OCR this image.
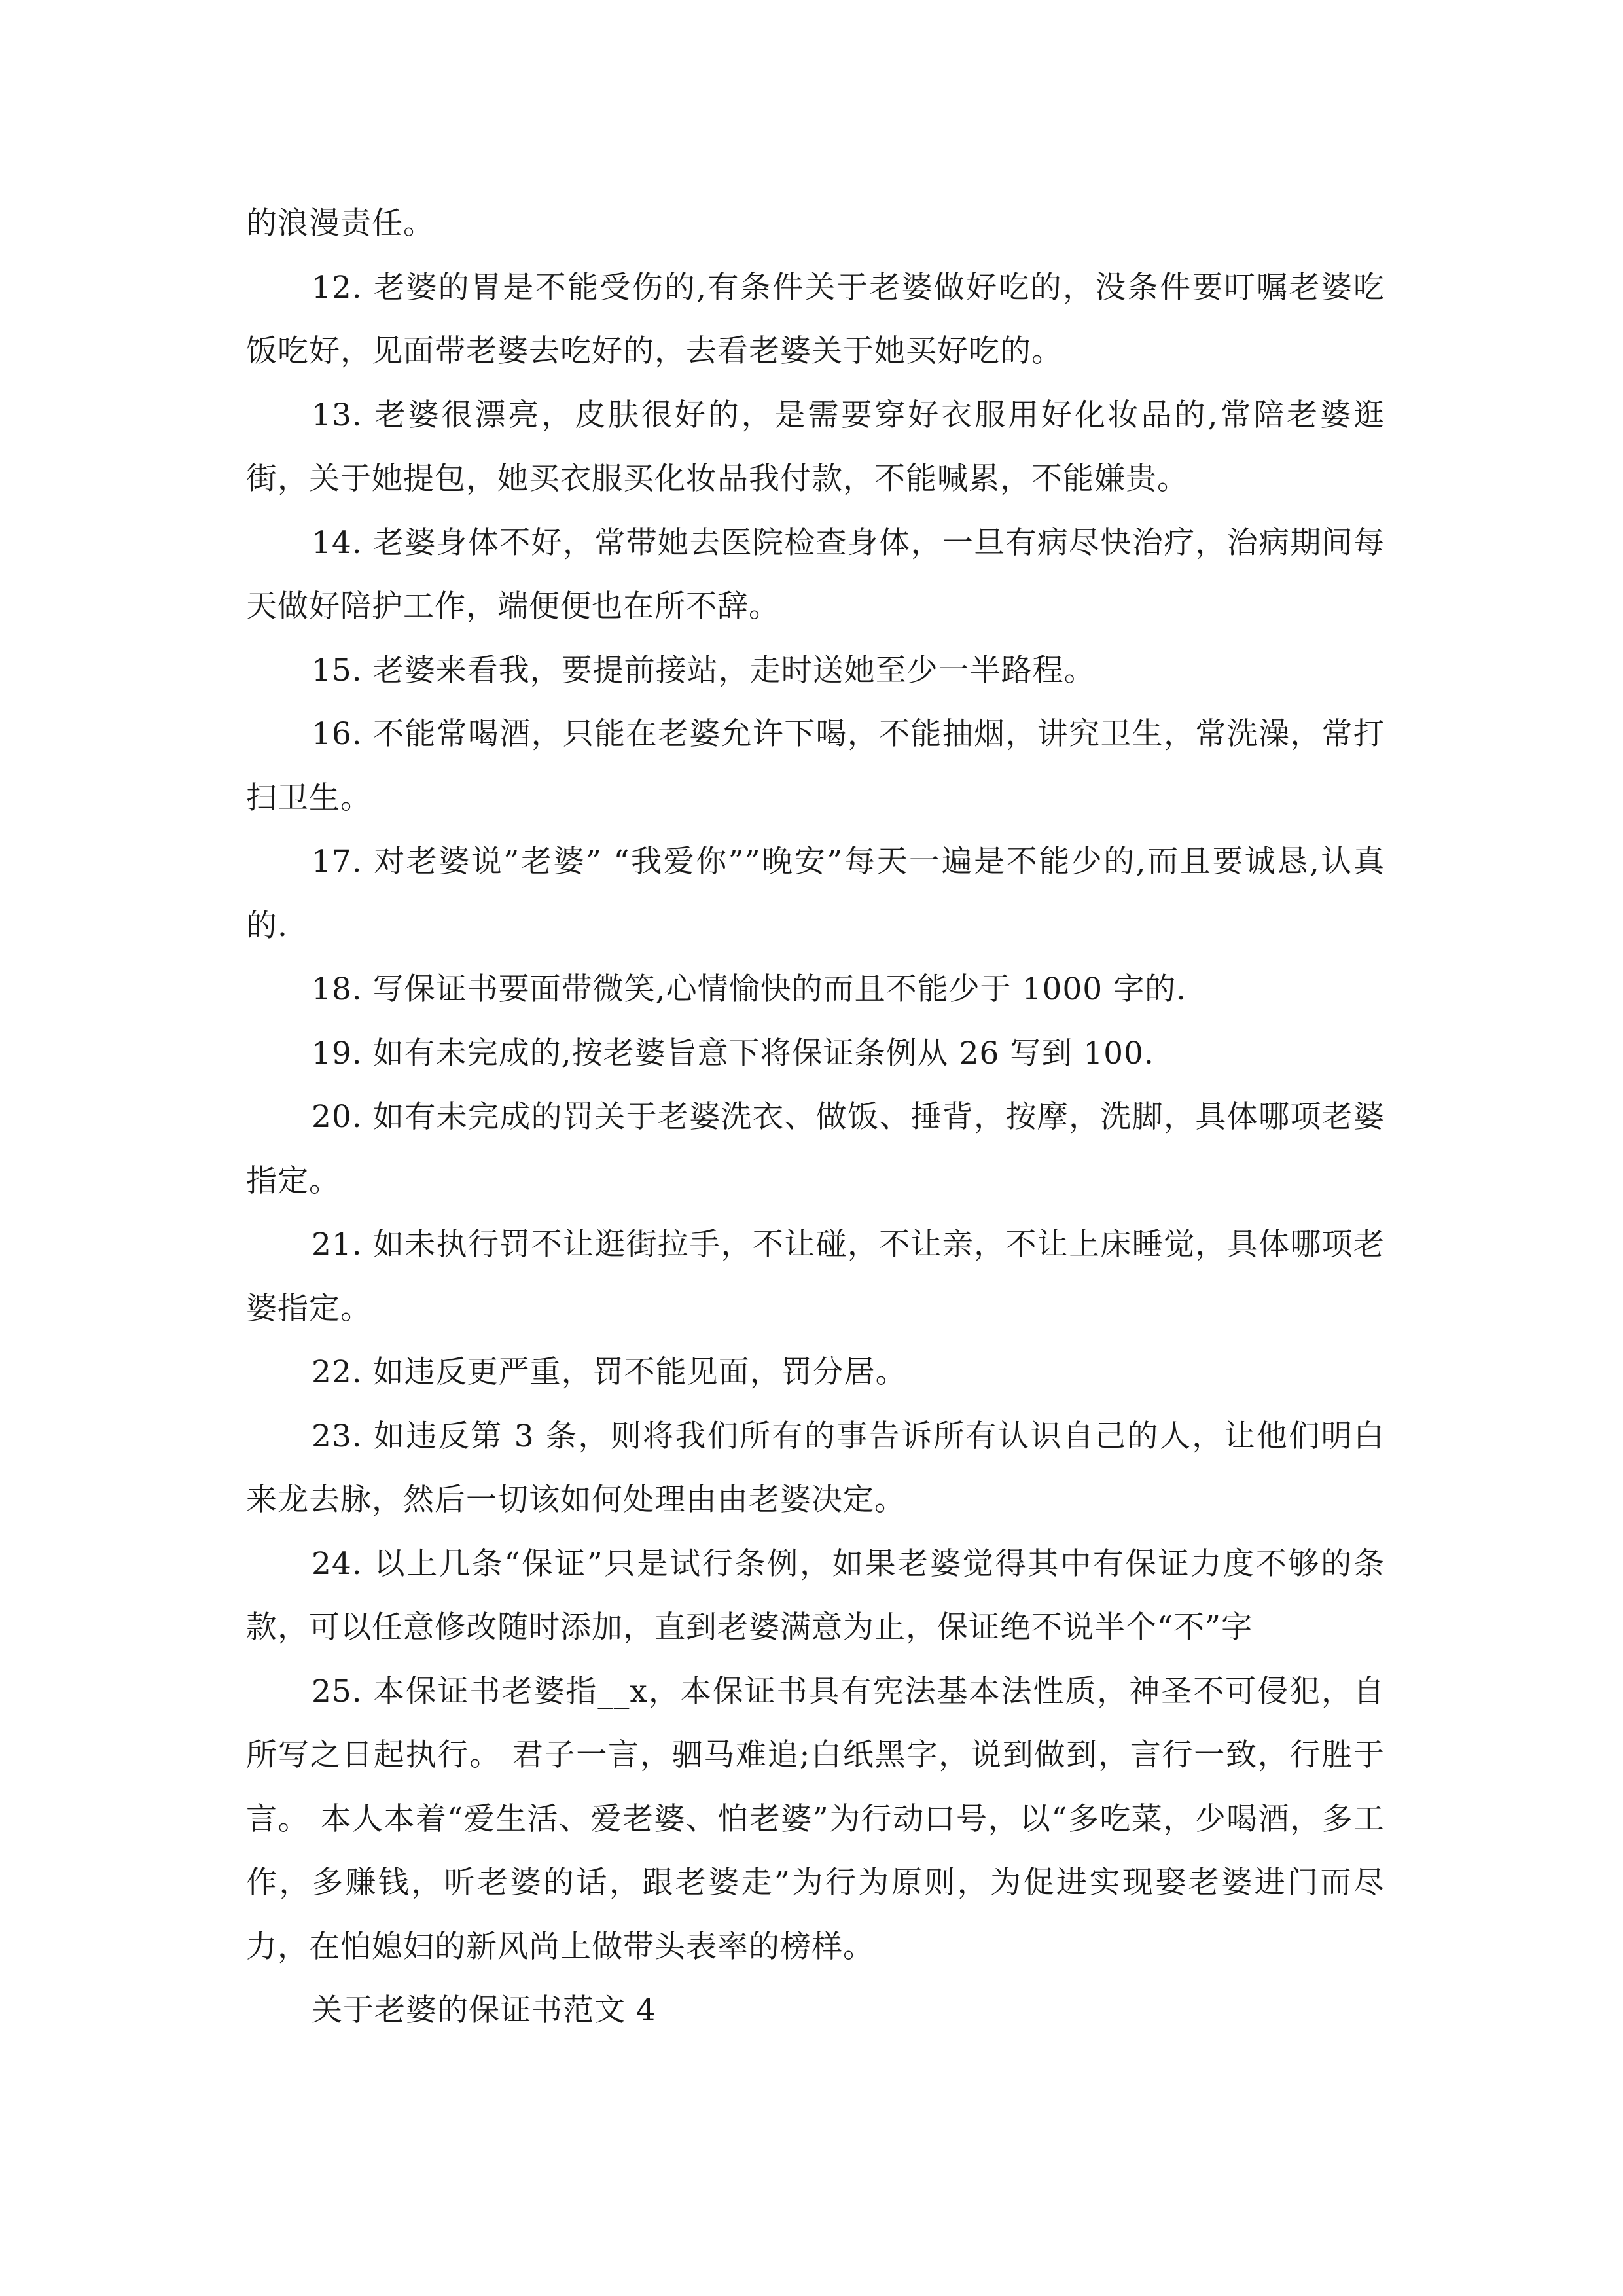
的浪漫责任。

12. 老婆的胃是不能受伤的,有条件关于老婆做好吃的，没条件要叮嘱老婆吃饭吃好，见面带老婆去吃好的，去看老婆关于她买好吃的。

13. 老婆很漂亮，皮肤很好的，是需要穿好衣服用好化妆品的,常陪老婆逛街，关于她提包，她买衣服买化妆品我付款，不能喊累，不能嫌贵。

14. 老婆身体不好，常带她去医院检查身体，一旦有病尽快治疗，治病期间每天做好陪护工作，端便便也在所不辞。

15. 老婆来看我，要提前接站，走时送她至少一半路程。

16. 不能常喝酒，只能在老婆允许下喝，不能抽烟，讲究卫生，常洗澡，常打扫卫生。

17. 对老婆说”老婆” “我爱你””晚安”每天一遍是不能少的,而且要诚恳,认真的.

18. 写保证书要面带微笑,心情愉快的而且不能少于 1000 字的.

19. 如有未完成的,按老婆旨意下将保证条例从 26 写到 100.

20. 如有未完成的罚关于老婆洗衣、做饭、捶背，按摩，洗脚，具体哪项老婆指定。

21. 如未执行罚不让逛街拉手，不让碰，不让亲，不让上床睡觉，具体哪项老婆指定。

22. 如违反更严重，罚不能见面，罚分居。

23. 如违反第 3 条，则将我们所有的事告诉所有认识自己的人，让他们明白来龙去脉，然后一切该如何处理由由老婆决定。

24. 以上几条“保证”只是试行条例，如果老婆觉得其中有保证力度不够的条款，可以任意修改随时添加，直到老婆满意为止，保证绝不说半个“不”字

25. 本保证书老婆指__x，本保证书具有宪法基本法性质，神圣不可侵犯，自所写之日起执行。 君子一言，驷马难追;白纸黑字，说到做到，言行一致，行胜于言。 本人本着“爱生活、爱老婆、怕老婆”为行动口号，以“多吃菜，少喝酒，多工作，多赚钱，听老婆的话，跟老婆走”为行为原则，为促进实现娶老婆进门而尽力，在怕媳妇的新风尚上做带头表率的榜样。

关于老婆的保证书范文 4
